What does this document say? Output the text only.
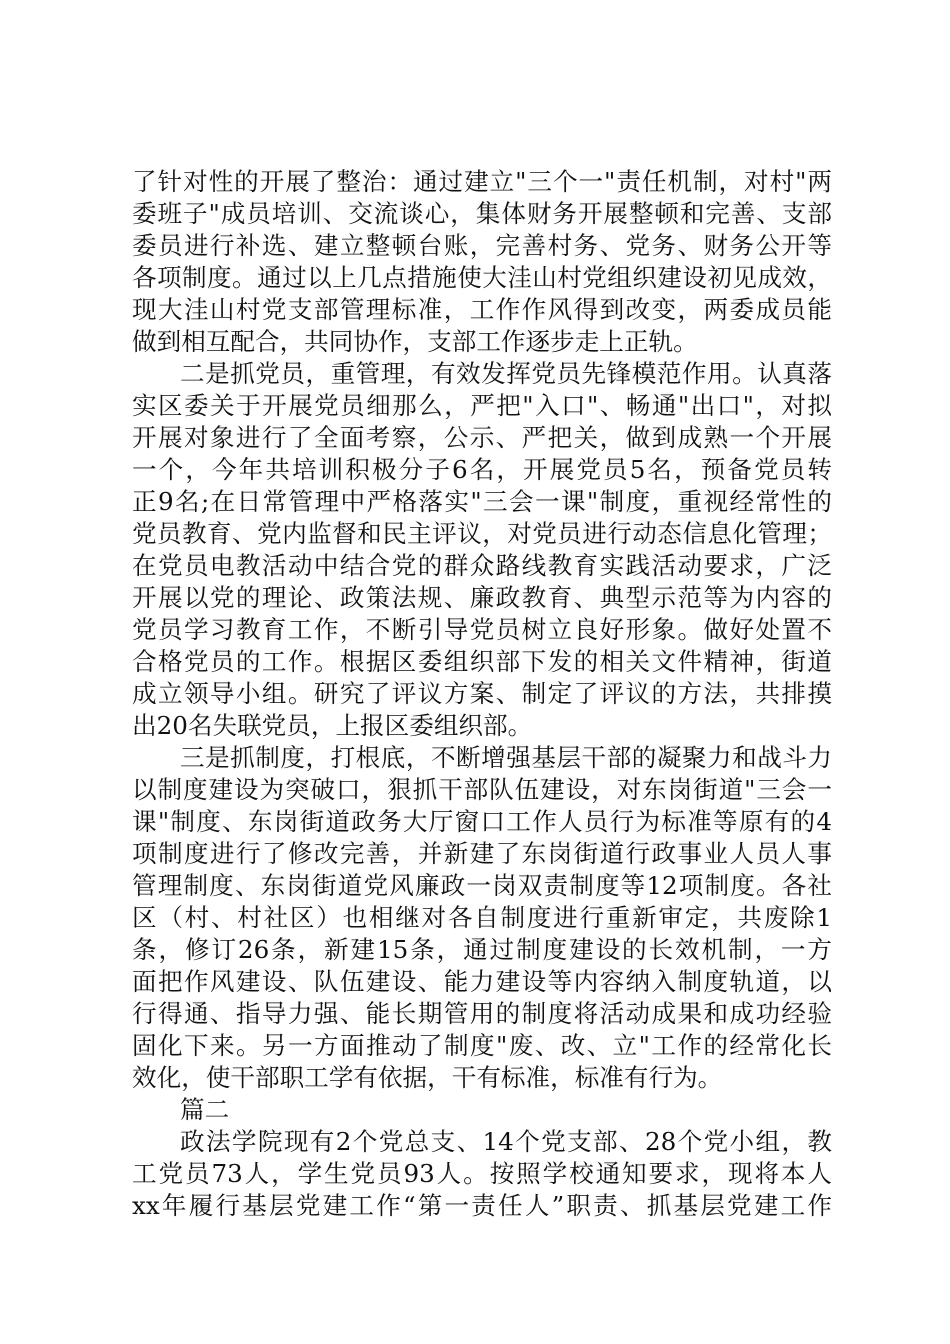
了针对性的开展了整治：通过建立"三个一"责任机制，对村"两
委班子"成员培训、交流谈心，集体财务开展整顿和完善、支部
委员进行补选、建立整顿台账，完善村务、党务、财务公开等
各项制度。通过以上几点措施使大洼山村党组织建设初见成效，
现大洼山村党支部管理标准，工作作风得到改变，两委成员能
做到相互配合，共同协作，支部工作逐步走上正轨。
二是抓党员，重管理，有效发挥党员先锋模范作用。认真落
实区委关于开展党员细那么，严把"入口"、畅通"出口"，对拟
开展对象进行了全面考察，公示、严把关，做到成熟一个开展
一个，今年共培训积极分子6名，开展党员5名，预备党员转
正9名;在日常管理中严格落实"三会一课"制度，重视经常性的
党员教育、党内监督和民主评议，对党员进行动态信息化管理；
在党员电教活动中结合党的群众路线教育实践活动要求，广泛
开展以党的理论、政策法规、廉政教育、典型示范等为内容的
党员学习教育工作，不断引导党员树立良好形象。做好处置不
合格党员的工作。根据区委组织部下发的相关文件精神，街道
成立领导小组。研究了评议方案、制定了评议的方法，共排摸
出20名失联党员，上报区委组织部。
三是抓制度，打根底，不断增强基层干部的凝聚力和战斗力
以制度建设为突破口，狠抓干部队伍建设，对东岗街道"三会一
课"制度、东岗街道政务大厅窗口工作人员行为标准等原有的4
项制度进行了修改完善，并新建了东岗街道行政事业人员人事
管理制度、东岗街道党风廉政一岗双责制度等12项制度。各社
区（村、村社区）也相继对各自制度进行重新审定，共废除1
条，修订26条，新建15条，通过制度建设的长效机制，一方
面把作风建设、队伍建设、能力建设等内容纳入制度轨道，以
行得通、指导力强、能长期管用的制度将活动成果和成功经验
固化下来。另一方面推动了制度"废、改、立"工作的经常化长
效化，使干部职工学有依据，干有标准，标准有行为。
篇二
政法学院现有2个党总支、14个党支部、28个党小组，教
工党员73人，学生党员93人。按照学校通知要求，现将本人
xx年履行基层党建工作“第一责任人”职责、抓基层党建工作
